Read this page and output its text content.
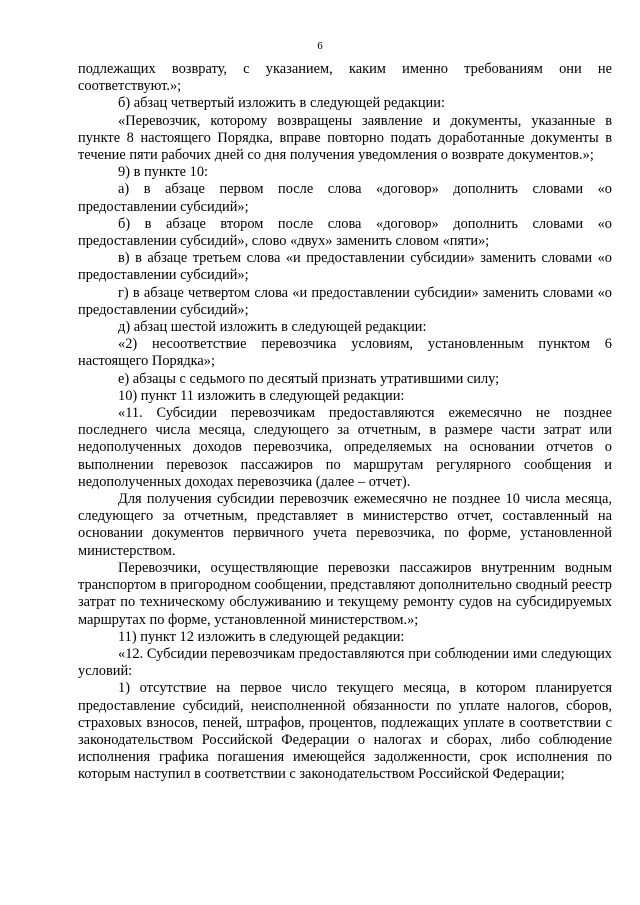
6

подлежащих возврату, с указанием, каким именно требованиям они не соответствуют.»;

б) абзац четвертый изложить в следующей редакции:

«Перевозчик, которому возвращены заявление и документы, указанные в пункте 8 настоящего Порядка, вправе повторно подать доработанные документы в течение пяти рабочих дней со дня получения уведомления о возврате документов.»;

9) в пункте 10:

а) в абзаце первом после слова «договор» дополнить словами «о предоставлении субсидий»;

б) в абзаце втором после слова «договор» дополнить словами «о предоставлении субсидий», слово «двух» заменить словом «пяти»;

в) в абзаце третьем слова «и предоставлении субсидии» заменить словами «о предоставлении субсидий»;

г) в абзаце четвертом слова «и предоставлении субсидии» заменить словами «о предоставлении субсидий»;

д) абзац шестой изложить в следующей редакции:

«2) несоответствие перевозчика условиям, установленным пунктом 6 настоящего Порядка»;

е) абзацы с седьмого по десятый признать утратившими силу;

10) пункт 11 изложить в следующей редакции:

«11. Субсидии перевозчикам предоставляются ежемесячно не позднее последнего числа месяца, следующего за отчетным, в размере части затрат или недополученных доходов перевозчика, определяемых на основании отчетов о выполнении перевозок пассажиров по маршрутам регулярного сообщения и недополученных доходах перевозчика (далее – отчет).

Для получения субсидии перевозчик ежемесячно не позднее 10 числа месяца, следующего за отчетным, представляет в министерство отчет, составленный на основании документов первичного учета перевозчика, по форме, установленной министерством.

Перевозчики, осуществляющие перевозки пассажиров внутренним водным транспортом в пригородном сообщении, представляют дополнительно сводный реестр затрат по техническому обслуживанию и текущему ремонту судов на субсидируемых маршрутах по форме, установленной министерством.»;

11) пункт 12 изложить в следующей редакции:

«12. Субсидии перевозчикам предоставляются при соблюдении ими следующих условий:

1) отсутствие на первое число текущего месяца, в котором планируется предоставление субсидий, неисполненной обязанности по уплате налогов, сборов, страховых взносов, пеней, штрафов, процентов, подлежащих уплате в соответствии с законодательством Российской Федерации о налогах и сборах, либо соблюдение исполнения графика погашения имеющейся задолженности, срок исполнения по которым наступил в соответствии с законодательством Российской Федерации;
